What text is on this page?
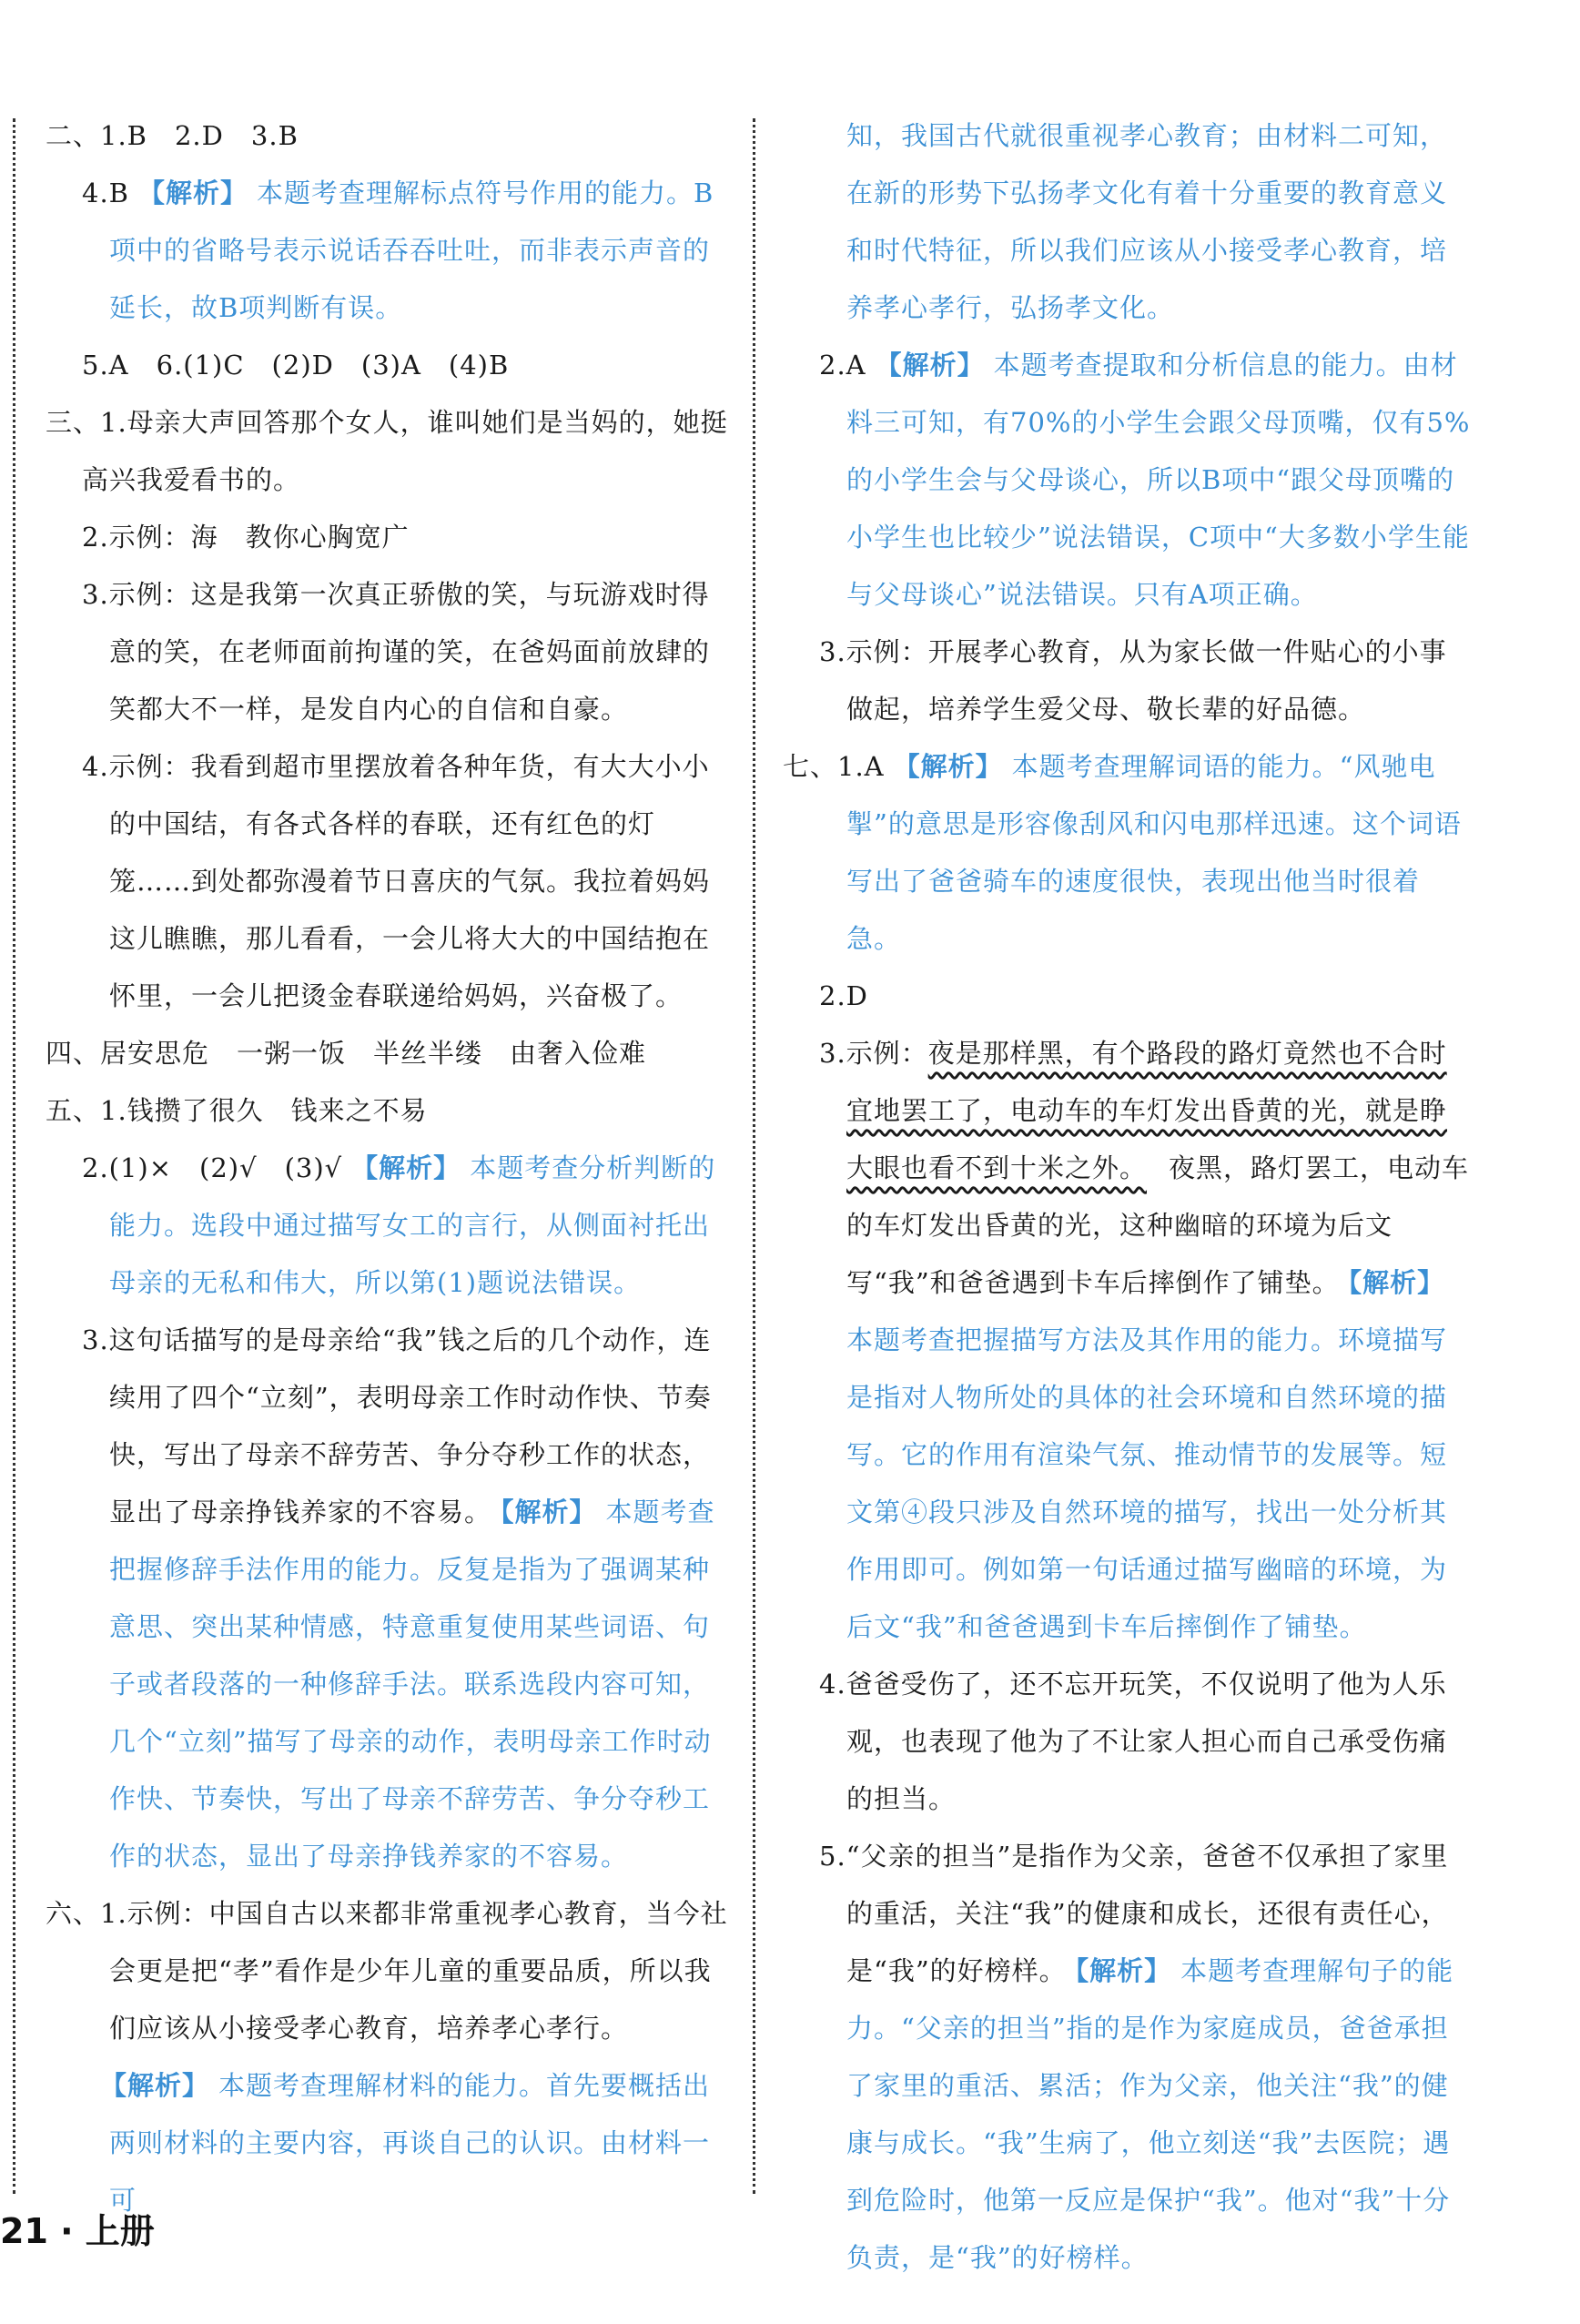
二、1.B　2.D　3.B

4.B 【解析】 本题考查理解标点符号作用的能力。B项中的省略号表示说话吞吞吐吐，而非表示声音的延长，故B项判断有误。

5.A　6.(1)C　(2)D　(3)A　(4)B

三、1.母亲大声回答那个女人，谁叫她们是当妈的，她挺高兴我爱看书的。

2.示例：海　教你心胸宽广

3.示例：这是我第一次真正骄傲的笑，与玩游戏时得意的笑，在老师面前拘谨的笑，在爸妈面前放肆的笑都大不一样，是发自内心的自信和自豪。

4.示例：我看到超市里摆放着各种年货，有大大小小的中国结，有各式各样的春联，还有红色的灯笼……到处都弥漫着节日喜庆的气氛。我拉着妈妈这儿瞧瞧，那儿看看，一会儿将大大的中国结抱在怀里，一会儿把烫金春联递给妈妈，兴奋极了。

四、居安思危　一粥一饭　半丝半缕　由奢入俭难

五、1.钱攒了很久　钱来之不易

2.(1)×　(2)√　(3)√ 【解析】 本题考查分析判断的能力。选段中通过描写女工的言行，从侧面衬托出母亲的无私和伟大，所以第(1)题说法错误。

3.这句话描写的是母亲给“我”钱之后的几个动作，连续用了四个“立刻”，表明母亲工作时动作快、节奏快，写出了母亲不辞劳苦、争分夺秒工作的状态，显出了母亲挣钱养家的不容易。 【解析】 本题考查把握修辞手法作用的能力。反复是指为了强调某种意思、突出某种情感，特意重复使用某些词语、句子或者段落的一种修辞手法。联系选段内容可知，几个“立刻”描写了母亲的动作，表明母亲工作时动作快、节奏快，写出了母亲不辞劳苦、争分夺秒工作的状态，显出了母亲挣钱养家的不容易。

六、1.示例：中国自古以来都非常重视孝心教育，当今社会更是把“孝”看作是少年儿童的重要品质，所以我们应该从小接受孝心教育，培养孝心孝行。

【解析】 本题考查理解材料的能力。首先要概括出两则材料的主要内容，再谈自己的认识。由材料一可

知，我国古代就很重视孝心教育；由材料二可知，在新的形势下弘扬孝文化有着十分重要的教育意义和时代特征，所以我们应该从小接受孝心教育，培养孝心孝行，弘扬孝文化。

2.A 【解析】 本题考查提取和分析信息的能力。由材料三可知，有70%的小学生会跟父母顶嘴，仅有5%的小学生会与父母谈心，所以B项中“跟父母顶嘴的小学生也比较少”说法错误，C项中“大多数小学生能与父母谈心”说法错误。只有A项正确。

3.示例：开展孝心教育，从为家长做一件贴心的小事做起，培养学生爱父母、敬长辈的好品德。

七、1.A 【解析】 本题考查理解词语的能力。“风驰电掣”的意思是形容像刮风和闪电那样迅速。这个词语写出了爸爸骑车的速度很快，表现出他当时很着急。

2.D

3.示例：夜是那样黑，有个路段的路灯竟然也不合时宜地罢工了，电动车的车灯发出昏黄的光，就是睁大眼也看不到十米之外。 夜黑，路灯罢工，电动车的车灯发出昏黄的光，这种幽暗的环境为后文写“我”和爸爸遇到卡车后摔倒作了铺垫。 【解析】本题考查把握描写方法及其作用的能力。环境描写是指对人物所处的具体的社会环境和自然环境的描写。它的作用有渲染气氛、推动情节的发展等。短文第④段只涉及自然环境的描写，找出一处分析其作用即可。例如第一句话通过描写幽暗的环境，为后文“我”和爸爸遇到卡车后摔倒作了铺垫。

4.爸爸受伤了，还不忘开玩笑，不仅说明了他为人乐观，也表现了他为了不让家人担心而自己承受伤痛的担当。

5.“父亲的担当”是指作为父亲，爸爸不仅承担了家里的重活，关注“我”的健康和成长，还很有责任心，是“我”的好榜样。 【解析】 本题考查理解句子的能力。“父亲的担当”指的是作为家庭成员，爸爸承担了家里的重活、累活；作为父亲，他关注“我”的健康与成长。“我”生病了，他立刻送“我”去医院；遇到危险时，他第一反应是保护“我”。他对“我”十分负责，是“我”的好榜样。

21 · 上册
